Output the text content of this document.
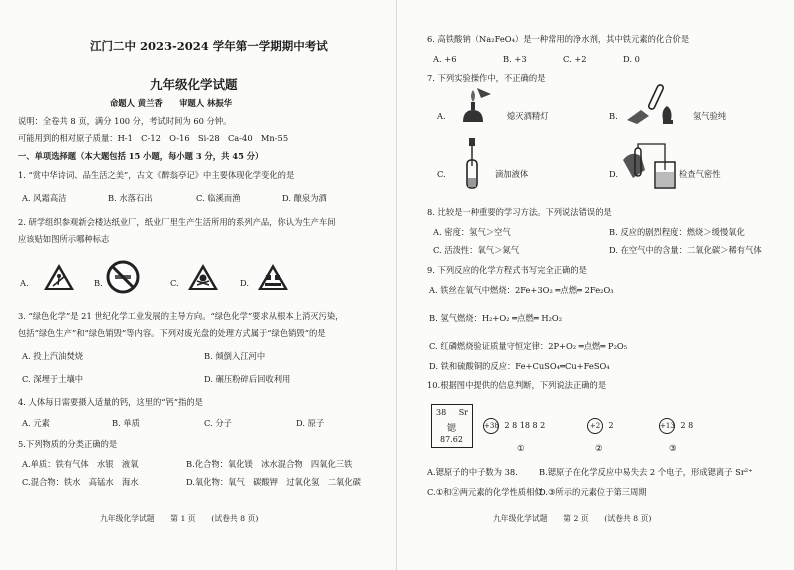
江门二中 2023-2024 学年第一学期期中考试
九年级化学试题
命题人 黄兰香　　审题人 林振华
说明：全卷共 8 页，满分 100 分，考试时间为 60 分钟。
可能用到的相对原子质量：H-1　C-12　O-16　Si-28　Ca-40　Mn-55
一、单项选择题（本大题包括 15 小题，每小题 3 分，共 45 分）
1. “赏中华诗词、品生活之美”，古文《醉翁亭记》中主要体现化学变化的是
A. 风霜高洁	B. 水落石出	C. 临溪而渔	D. 酿泉为酒
2. 研学组织参观新会楼达纸业厂，纸业厂里生产生活所用的系列产品，你认为生产车间
应该贴如图所示哪种标志
A.	B.	C.	D.
3. “绿色化学”是 21 世纪化学工业发展的主导方向。“绿色化学”要求从根本上消灭污染，
包括“绿色生产”和“绿色销毁”等内容。下列对废光盘的处理方式属于“绿色销毁”的是
A. 投上汽油焚烧	B. 倾倒入江河中
C. 深埋于土壤中	D. 碾压粉碎后回收利用
4. 人体每日需要摄入适量的钙，这里的“钙”指的是
A. 元素	B. 单质	C. 分子	D. 原子
5.下列物质的分类正确的是
A.单质：铁有气体　水银　液氧	B.化合物：氧化镁　冰水混合物　四氧化三铁
C.混合物：铁水　高锰水　海水	D.氧化物：氧气　碳酸钾　过氧化氢　二氧化碳
九年级化学试题　　第 1 页　　(试卷共 8 页)
6. 高铁酸钠（Na₂FeO₄）是一种常用的净水剂，其中铁元素的化合价是
A. +6	B. +3	C. +2	D. 0
7. 下列实验操作中，不正确的是
A.	熄灭酒精灯	B.	氢气验纯
C.	滴加液体	D.	检查气密性
8. 比较是一种重要的学习方法。下列说法错误的是
A. 密度：氢气＞空气	B. 反应的剧烈程度：燃烧＞缓慢氧化
C. 活泼性：氧气＞氮气	D. 在空气中的含量：二氧化碳＞稀有气体
9. 下列反应的化学方程式书写完全正确的是
A. 铁丝在氧气中燃烧：2Fe+3O₂ ═点燃═ 2Fe₂O₃
B. 氢气燃烧：H₂+O₂ ═点燃═ H₂O₂
C. 红磷燃烧验证质量守恒定律：2P+O₂ ═点燃═ P₂O₅
D. 铁和硫酸铜的反应：Fe+CuSO₄═Cu+FeSO₄
10.根据图中提供的信息判断，下列说法正确的是
38 Sr
锶
87.62
+38 2 8 18 8 2
①
+2 2
②
+13 2 8
③
A.锶原子的中子数为 38.	B.锶原子在化学反应中易失去 2 个电子，形成锶离子 Sr²⁺
C.①和②两元素的化学性质相似
D.③所示的元素位于第三周期
九年级化学试题　　第 2 页　　(试卷共 8 页)
